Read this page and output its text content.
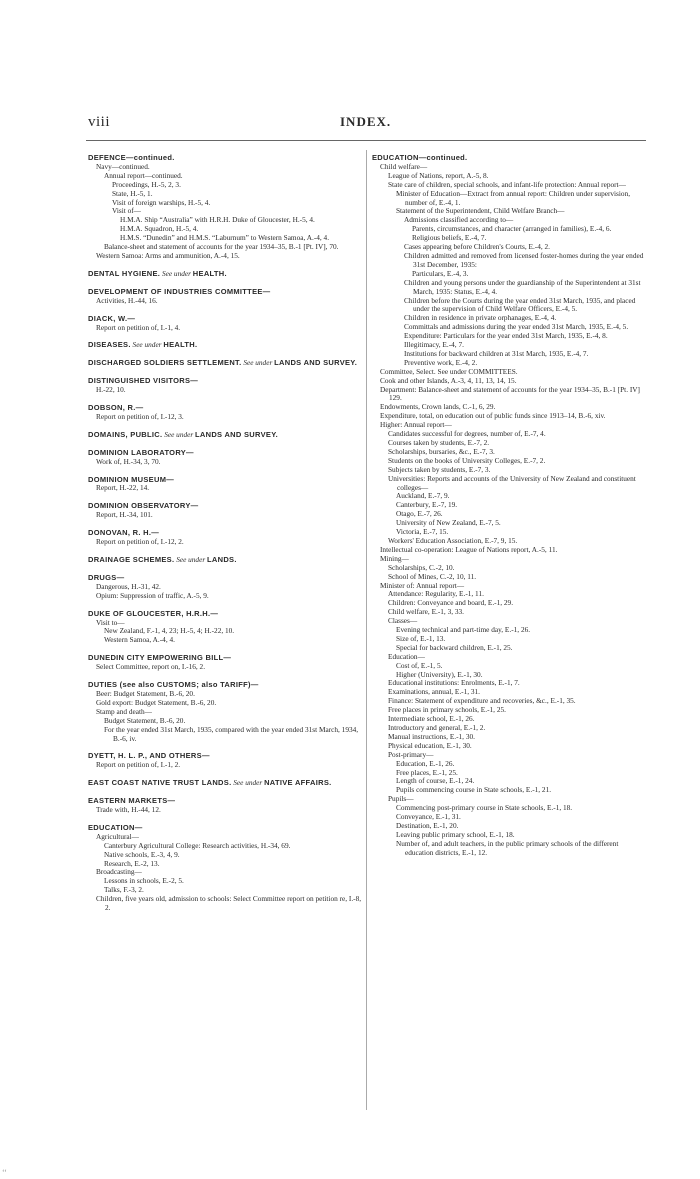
viii	INDEX.
DEFENCE—continued.
Navy—continued.
Annual report—continued.
Proceedings, H.-5, 2, 3.
State, H.-5, 1.
Visit of foreign warships, H.-5, 4.
Visit of—
H.M.A. Ship “Australia” with H.R.H. Duke of Gloucester, H.-5, 4.
H.M.A. Squadron, H.-5, 4.
H.M.S. “Dunedin” and H.M.S. “Laburnum” to Western Samoa, A.-4, 4.
Balance-sheet and statement of accounts for the year 1934–35, B.-1 [Pt. IV], 70.
Western Samoa: Arms and ammunition, A.-4, 15.
DENTAL HYGIENE. See under HEALTH.
DEVELOPMENT OF INDUSTRIES COMMITTEE—
Activities, H.-44, 16.
DIACK, W.—
Report on petition of, I.-1, 4.
DISEASES. See under HEALTH.
DISCHARGED SOLDIERS SETTLEMENT. See under LANDS AND SURVEY.
DISTINGUISHED VISITORS—
H.-22, 10.
DOBSON, R.—
Report on petition of, I.-12, 3.
DOMAINS, PUBLIC. See under LANDS AND SURVEY.
DOMINION LABORATORY—
Work of, H.-34, 3, 70.
DOMINION MUSEUM—
Report, H.-22, 14.
DOMINION OBSERVATORY—
Report, H.-34, 101.
DONOVAN, R. H.—
Report on petition of, I.-12, 2.
DRAINAGE SCHEMES. See under LANDS.
DRUGS—
Dangerous, H.-31, 42.
Opium: Suppression of traffic, A.-5, 9.
DUKE OF GLOUCESTER, H.R.H.—
Visit to—
New Zealand, F.-1, 4, 23; H.-5, 4; H.-22, 10.
Western Samoa, A.-4, 4.
DUNEDIN CITY EMPOWERING BILL—
Select Committee, report on, I.-16, 2.
DUTIES (see also CUSTOMS; also TARIFF)—
Beer: Budget Statement, B.-6, 20.
Gold export: Budget Statement, B.-6, 20.
Stamp and death—
Budget Statement, B.-6, 20.
For the year ended 31st March, 1935, compared with the year ended 31st March, 1934, B.-6, iv.
DYETT, H. L. P., AND OTHERS—
Report on petition of, I.-1, 2.
EAST COAST NATIVE TRUST LANDS. See under NATIVE AFFAIRS.
EASTERN MARKETS—
Trade with, H.-44, 12.
EDUCATION—
Agricultural—
Canterbury Agricultural College: Research activities, H.-34, 69.
Native schools, E.-3, 4, 9.
Research, E.-2, 13.
Broadcasting—
Lessons in schools, E.-2, 5.
Talks, F.-3, 2.
Children, five years old, admission to schools: Select Committee report on petition re, I.-8, 2.
EDUCATION—continued.
Child welfare—
League of Nations, report, A.-5, 8.
State care of children, special schools, and infant-life protection: Annual report—
Minister of Education—Extract from annual report: Children under supervision, number of, E.-4, 1.
Statement of the Superintendent, Child Welfare Branch—
Admissions classified according to—
Parents, circumstances, and character (arranged in families), E.-4, 6.
Religious beliefs, E.-4, 7.
Cases appearing before Children's Courts, E.-4, 2.
Children admitted and removed from licensed foster-homes during the year ended 31st December, 1935:
Particulars, E.-4, 3.
Children and young persons under the guardianship of the Superintendent at 31st March, 1935: Status, E.-4, 4.
Children before the Courts during the year ended 31st March, 1935, and placed under the supervision of Child Welfare Officers, E.-4, 5.
Children in residence in private orphanages, E.-4, 4.
Committals and admissions during the year ended 31st March, 1935, E.-4, 5.
Expenditure: Particulars for the year ended 31st March, 1935, E.-4, 8.
Illegitimacy, E.-4, 7.
Institutions for backward children at 31st March, 1935, E.-4, 7.
Preventive work, E.-4, 2.
Committee, Select. See under COMMITTEES.
Cook and other Islands, A.-3, 4, 11, 13, 14, 15.
Department: Balance-sheet and statement of accounts for the year 1934–35, B.-1 [Pt. IV] 129.
Endowments, Crown lands, C.-1, 6, 29.
Expenditure, total, on education out of public funds since 1913–14, B.-6, xiv.
Higher: Annual report—
Candidates successful for degrees, number of, E.-7, 4.
Courses taken by students, E.-7, 2.
Scholarships, bursaries, &c., E.-7, 3.
Students on the books of University Colleges, E.-7, 2.
Subjects taken by students, E.-7, 3.
Universities: Reports and accounts of the University of New Zealand and constituent colleges—
Auckland, E.-7, 9.
Canterbury, E.-7, 19.
Otago, E.-7, 26.
University of New Zealand, E.-7, 5.
Victoria, E.-7, 15.
Workers' Education Association, E.-7, 9, 15.
Intellectual co-operation: League of Nations report, A.-5, 11.
Mining—
Scholarships, C.-2, 10.
School of Mines, C.-2, 10, 11.
Minister of: Annual report—
Attendance: Regularity, E.-1, 11.
Children: Conveyance and board, E.-1, 29.
Child welfare, E.-1, 3, 33.
Classes—
Evening technical and part-time day, E.-1, 26.
Size of, E.-1, 13.
Special for backward children, E.-1, 25.
Education—
Cost of, E.-1, 5.
Higher (University), E.-1, 30.
Educational institutions: Enrolments, E.-1, 7.
Examinations, annual, E.-1, 31.
Finance: Statement of expenditure and recoveries, &c., E.-1, 35.
Free places in primary schools, E.-1, 25.
Intermediate school, E.-1, 26.
Introductory and general, E.-1, 2.
Manual instructions, E.-1, 30.
Physical education, E.-1, 30.
Post-primary—
Education, E.-1, 26.
Free places, E.-1, 25.
Length of course, E.-1, 24.
Pupils commencing course in State schools, E.-1, 21.
Pupils—
Commencing post-primary course in State schools, E.-1, 18.
Conveyance, E.-1, 31.
Destination, E.-1, 20.
Leaving public primary school, E.-1, 18.
Number of, and adult teachers, in the public primary schools of the different education districts, E.-1, 12.
‘‘
